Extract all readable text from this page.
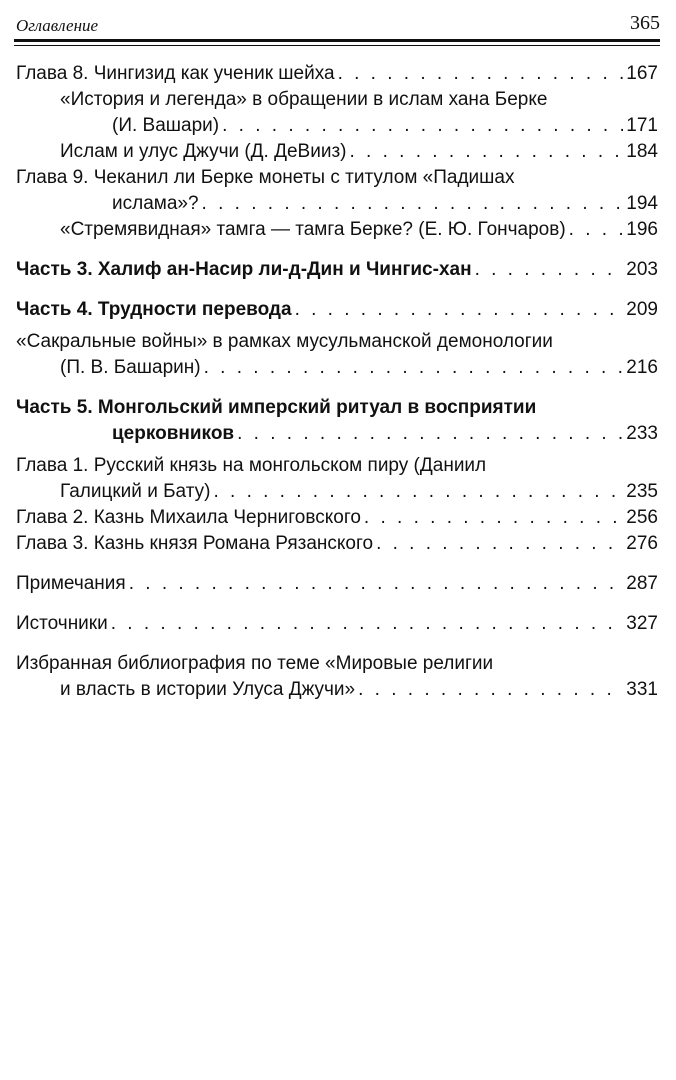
Оглавление	365
Глава 8. Чингизид как ученик шейха . . .	167
«История и легенда» в обращении в ислам хана Берке
(И. Вашари) . . .	171
Ислам и улус Джучи (Д. ДеВииз) . . .	184
Глава 9. Чеканил ли Берке монеты с титулом «Падишах
ислама»? . . .	194
«Стремявидная» тамга — тамга Берке? (Е. Ю. Гончаров) . . .	196
Часть 3. Халиф ан-Насир ли-д-Дин и Чингис-хан . . .	203
Часть 4. Трудности перевода . . .	209
«Сакральные войны» в рамках мусульманской демонологии
(П. В. Башарин) . . .	216
Часть 5. Монгольский имперский ритуал в восприятии
церковников . . .	233
Глава 1. Русский князь на монгольском пиру (Даниил
Галицкий и Бату) . . .	235
Глава 2. Казнь Михаила Черниговского . . .	256
Глава 3. Казнь князя Романа Рязанского . . .	276
Примечания . . .	287
Источники . . .	327
Избранная библиография по теме «Мировые религии
и власть в истории Улуса Джучи» . . .	331
